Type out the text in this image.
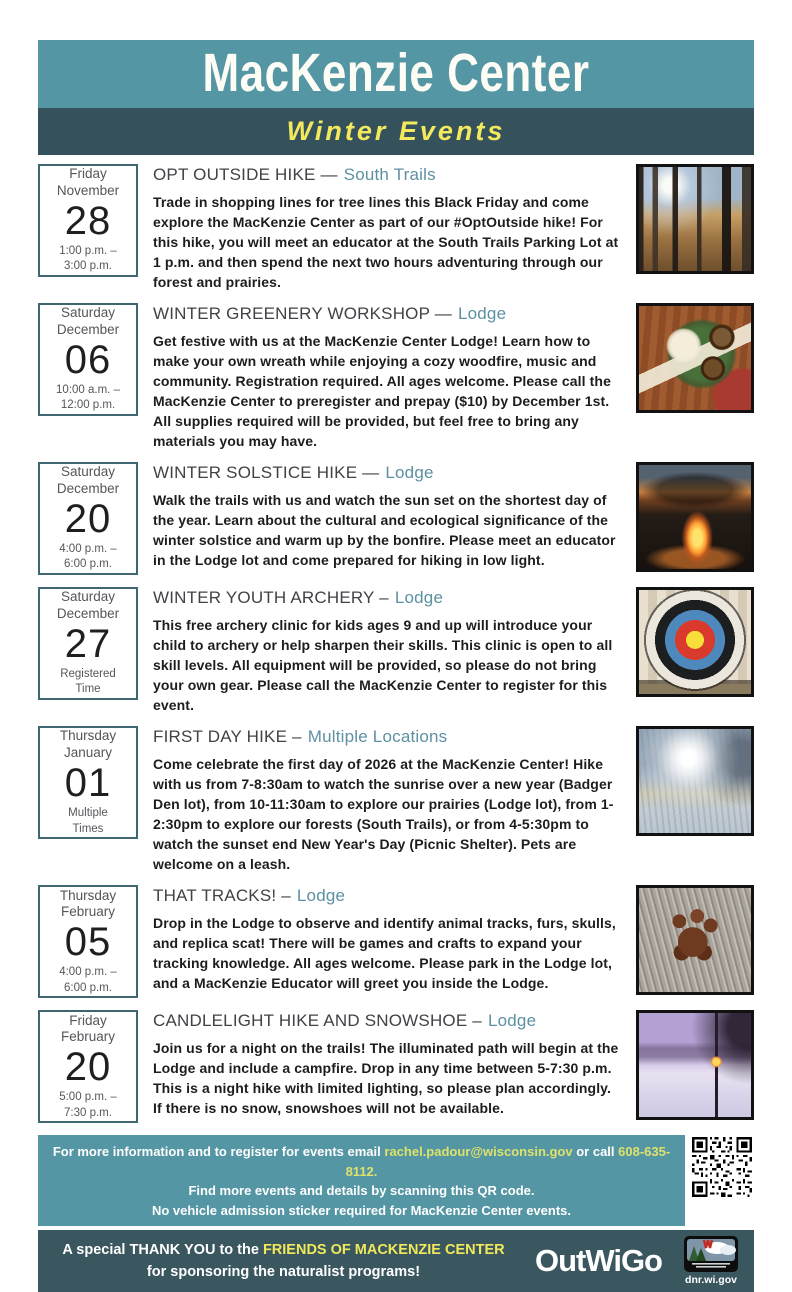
MacKenzie Center
Winter Events
Friday
November
28
1:00 p.m. –
3:00 p.m.
OPT OUTSIDE HIKE — South Trails

Trade in shopping lines for tree lines this Black Friday and come explore the MacKenzie Center as part of our #OptOutside hike! For this hike, you will meet an educator at the South Trails Parking Lot at 1 p.m. and then spend the next two hours adventuring through our forest and prairies.

Saturday
December
06
10:00 a.m. –
12:00 p.m.
WINTER GREENERY WORKSHOP — Lodge

Get festive with us at the MacKenzie Center Lodge! Learn how to make your own wreath while enjoying a cozy woodfire, music and community. Registration required. All ages welcome. Please call the MacKenzie Center to preregister and prepay ($10) by December 1st. All supplies required will be provided, but feel free to bring any materials you may have.

Saturday
December
20
4:00 p.m. –
6:00 p.m.
WINTER SOLSTICE HIKE — Lodge

Walk the trails with us and watch the sun set on the shortest day of the year. Learn about the cultural and ecological significance of the winter solstice and warm up by the bonfire. Please meet an educator in the Lodge lot and come prepared for hiking in low light.

Saturday
December
27
Registered
Time
WINTER YOUTH ARCHERY – Lodge

This free archery clinic for kids ages 9 and up will introduce your child to archery or help sharpen their skills. This clinic is open to all skill levels. All equipment will be provided, so please do not bring your own gear. Please call the MacKenzie Center to register for this event.

Thursday
January
01
Multiple
Times
FIRST DAY HIKE – Multiple Locations

Come celebrate the first day of 2026 at the MacKenzie Center! Hike with us from 7-8:30am to watch the sunrise over a new year (Badger Den lot), from 10-11:30am to explore our prairies (Lodge lot), from 1-2:30pm to explore our forests (South Trails), or from 4-5:30pm to watch the sunset end New Year's Day (Picnic Shelter). Pets are welcome on a leash.

Thursday
February
05
4:00 p.m. –
6:00 p.m.
THAT TRACKS! – Lodge

Drop in the Lodge to observe and identify animal tracks, furs, skulls, and replica scat! There will be games and crafts to expand your tracking knowledge. All ages welcome. Please park in the Lodge lot, and a MacKenzie Educator will greet you inside the Lodge.

Friday
February
20
5:00 p.m. –
7:30 p.m.
CANDLELIGHT HIKE AND SNOWSHOE – Lodge

Join us for a night on the trails! The illuminated path will begin at the Lodge and include a campfire. Drop in any time between 5-7:30 p.m. This is a night hike with limited lighting, so please plan accordingly. If there is no snow, snowshoes will not be available.

For more information and to register for events email rachel.padour@wisconsin.gov or call 608-635-8112.
Find more events and details by scanning this QR code.
No vehicle admission sticker required for MacKenzie Center events.
A special THANK YOU to the FRIENDS OF MACKENZIE CENTER
for sponsoring the naturalist programs!	OutWiGo
dnr.wi.gov
